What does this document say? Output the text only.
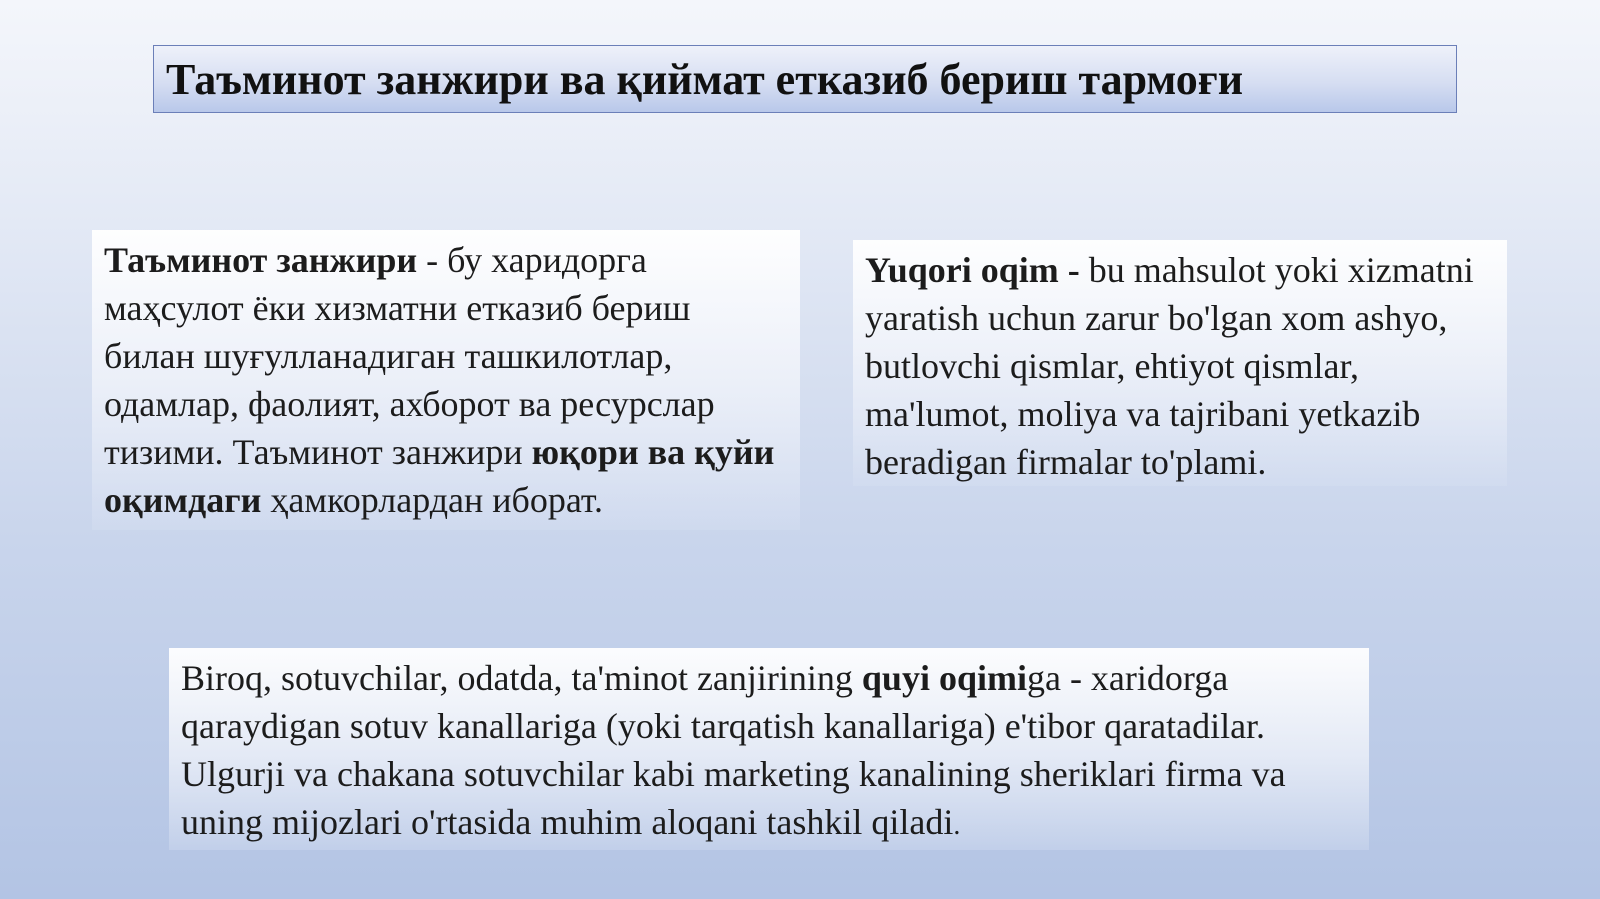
Таъминот занжири ва қиймат етказиб бериш тармоғи
Таъминот занжири - бу харидорга маҳсулот ёки хизматни етказиб бериш билан шуғулланадиган ташкилотлар, одамлар, фаолият, ахборот ва ресурслар тизими. Таъминот занжири юқори ва қуйи оқимдаги ҳамкорлардан иборат.
Yuqori oqim - bu mahsulot yoki xizmatni yaratish uchun zarur bo'lgan xom ashyo, butlovchi qismlar, ehtiyot qismlar, ma'lumot, moliya va tajribani yetkazib beradigan firmalar to'plami.
Biroq, sotuvchilar, odatda, ta'minot zanjirining quyi oqimiga - xaridorga qaraydigan sotuv kanallariga (yoki tarqatish kanallariga) e'tibor qaratadilar. Ulgurji va chakana sotuvchilar kabi marketing kanalining sheriklari firma va uning mijozlari o'rtasida muhim aloqani tashkil qiladi.
